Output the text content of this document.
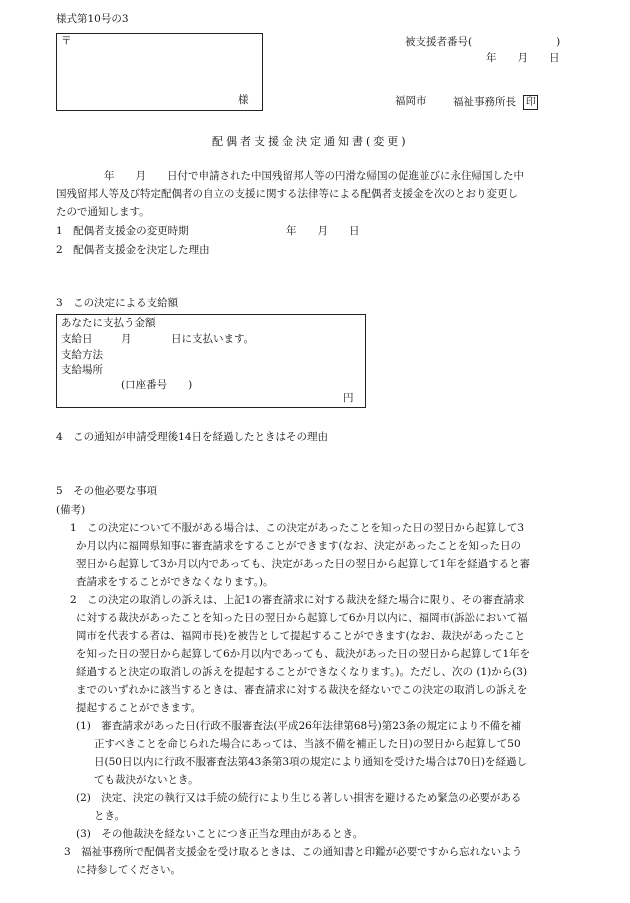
様式第10号の3
〒
様
被支援者番号(　　　　　　　　)
年　　月　　日
福岡市	福祉事務所長 印
配偶者支援金決定通知書(変更)
年　　月　　日付で申請された中国残留邦人等の円滑な帰国の促進並びに永住帰国した中
国残留邦人等及び特定配偶者の自立の支援に関する法律等による配偶者支援金を次のとおり変更し
たので通知します。
1　配偶者支援金の変更時期	年　　月　　日
2　配偶者支援金を決定した理由
3　この決定による支給額
あなたに支払う金額
支給日	月	日に支払います。
支給方法
支給場所
(口座番号　　)
円
4　この通知が申請受理後14日を経過したときはその理由
5　その他必要な事項
(備考)
1　この決定について不服がある場合は、この決定があったことを知った日の翌日から起算して3
か月以内に福岡県知事に審査請求をすることができます(なお、決定があったことを知った日の
翌日から起算して3か月以内であっても、決定があった日の翌日から起算して1年を経過すると審
査請求をすることができなくなります。)。
2　この決定の取消しの訴えは、上記1の審査請求に対する裁決を経た場合に限り、その審査請求
に対する裁決があったことを知った日の翌日から起算して6か月以内に、福岡市(訴訟において福
岡市を代表する者は、福岡市長)を被告として提起することができます(なお、裁決があったこと
を知った日の翌日から起算して6か月以内であっても、裁決があった日の翌日から起算して1年を
経過すると決定の取消しの訴えを提起することができなくなります。)。ただし、次の (1)から(3)
までのいずれかに該当するときは、審査請求に対する裁決を経ないでこの決定の取消しの訴えを
提起することができます。
(1)　審査請求があった日(行政不服審査法(平成26年法律第68号)第23条の規定により不備を補
正すべきことを命じられた場合にあっては、当該不備を補正した日)の翌日から起算して50
日(50日以内に行政不服審査法第43条第3項の規定により通知を受けた場合は70日)を経過し
ても裁決がないとき。
(2)　決定、決定の執行又は手続の続行により生じる著しい損害を避けるため緊急の必要がある
とき。
(3)　その他裁決を経ないことにつき正当な理由があるとき。
3　福祉事務所で配偶者支援金を受け取るときは、この通知書と印鑑が必要ですから忘れないよう
に持参してください。
